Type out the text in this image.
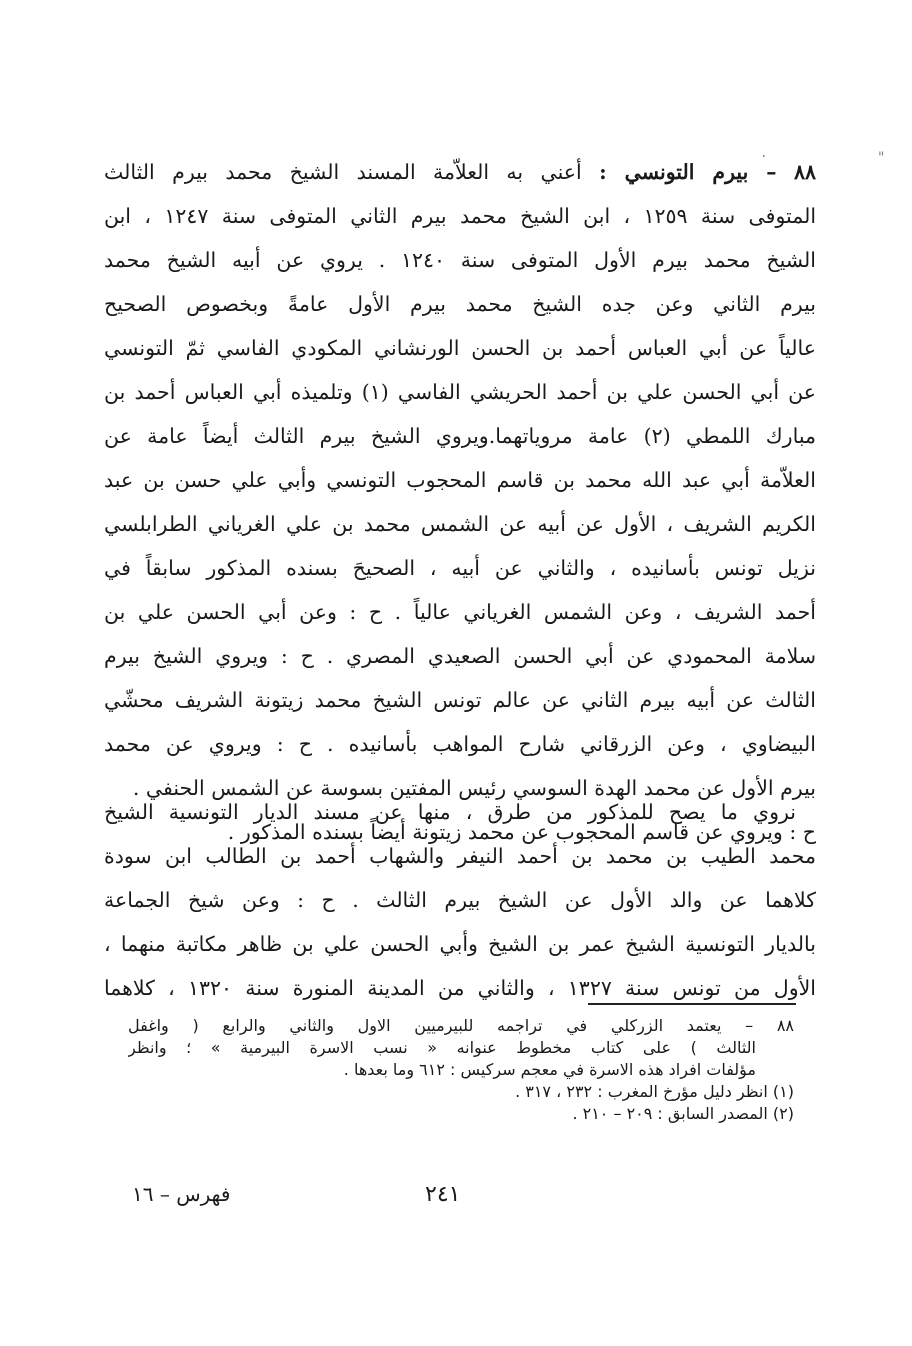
٠	"
٨٨ – بيرم التونسي : أعني به العلاّمة المسند الشيخ محمد بيرم الثالث
المتوفى سنة ١٢٥٩ ، ابن الشيخ محمد بيرم الثاني المتوفى سنة ١٢٤٧ ، ابن
الشيخ محمد بيرم الأول المتوفى سنة ١٢٤٠ . يروي عن أبيه الشيخ محمد
بيرم الثاني وعن جده الشيخ محمد بيرم الأول عامةً وبخصوص الصحيح
عالياً عن أبي العباس أحمد بن الحسن الورنشاني المكودي الفاسي ثمّ التونسي
عن أبي الحسن علي بن أحمد الحريشي الفاسي (١) وتلميذه أبي العباس أحمد بن
مبارك اللمطي (٢) عامة مروياتهما.ويروي الشيخ بيرم الثالث أيضاً عامة عن
العلاّمة أبي عبد الله محمد بن قاسم المحجوب التونسي وأبي علي حسن بن عبد
الكريم الشريف ، الأول عن أبيه عن الشمس محمد بن علي الغرياني الطرابلسي
نزيل تونس بأسانيده ، والثاني عن أبيه ، الصحيحَ بسنده المذكور سابقاً في
أحمد الشريف ، وعن الشمس الغرياني عالياً . ح : وعن أبي الحسن علي بن
سلامة المحمودي عن أبي الحسن الصعيدي المصري . ح : ويروي الشيخ بيرم
الثالث عن أبيه بيرم الثاني عن عالم تونس الشيخ محمد زيتونة الشريف محشّي
البيضاوي ، وعن الزرقاني شارح المواهب بأسانيده . ح : ويروي عن محمد
بيرم الأول عن محمد الهدة السوسي رئيس المفتين بسوسة عن الشمس الحنفي .
ح : ويروي عن قاسم المحجوب عن محمد زيتونة أيضاً بسنده المذكور .
نروي ما يصح للمذكور من طرق ، منها عن مسند الديار التونسية الشيخ
محمد الطيب بن محمد بن أحمد النيفر والشهاب أحمد بن الطالب ابن سودة
كلاهما عن والد الأول عن الشيخ بيرم الثالث . ح : وعن شيخ الجماعة
بالديار التونسية الشيخ عمر بن الشيخ وأبي الحسن علي بن ظاهر مكاتبة منهما ،
الأول من تونس سنة ١٣٢٧ ، والثاني من المدينة المنورة سنة ١٣٢٠ ، كلاهما
٨٨ – يعتمد الزركلي في تراجمه للبيرميين الاول والثاني والرابع ( واغفل
الثالث ) على كتاب مخطوط عنوانه « نسب الاسرة البيرمية » ؛ وانظر
مؤلفات افراد هذه الاسرة في معجم سركيس : ٦١٢ وما بعدها .
(١) انظر دليل مؤرخ المغرب : ٢٣٢ ، ٣١٧ .
(٢) المصدر السابق : ٢٠٩ – ٢١٠ .
٢٤١
فهرس – ١٦
